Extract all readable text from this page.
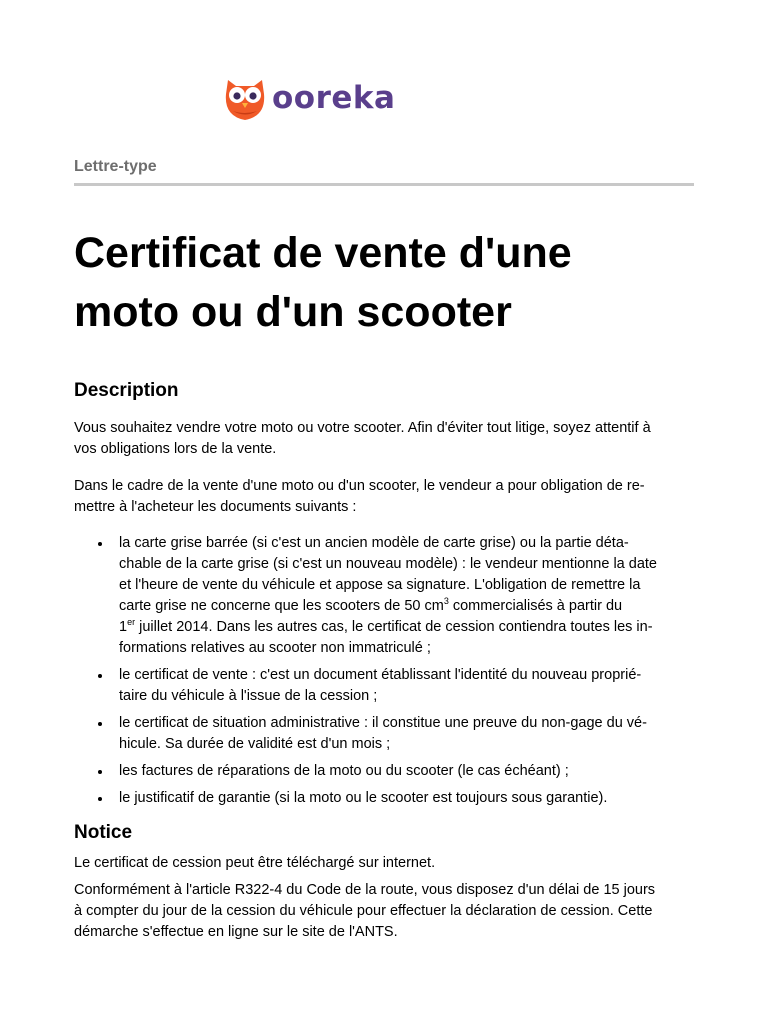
ooreka
Lettre-type
Certificat de vente d'une
moto ou d'un scooter
Description

Vous souhaitez vendre votre moto ou votre scooter. Afin d'éviter tout litige, soyez attentif à
vos obligations lors de la vente.

Dans le cadre de la vente d'une moto ou d'un scooter, le vendeur a pour obligation de re-
mettre à l'acheteur les documents suivants :

la carte grise barrée (si c'est un ancien modèle de carte grise) ou la partie déta-
chable de la carte grise (si c'est un nouveau modèle) : le vendeur mentionne la date
et l'heure de vente du véhicule et appose sa signature. L'obligation de remettre la
carte grise ne concerne que les scooters de 50 $cm^3$ commercialisés à partir du
1er juillet 2014. Dans les autres cas, le certificat de cession contiendra toutes les in-
formations relatives au scooter non immatriculé ;
le certificat de vente : c'est un document établissant l'identité du nouveau proprié-
taire du véhicule à l'issue de la cession ;
le certificat de situation administrative : il constitue une preuve du non-gage du vé-
hicule. Sa durée de validité est d'un mois ;
les factures de réparations de la moto ou du scooter (le cas échéant) ;
le justificatif de garantie (si la moto ou le scooter est toujours sous garantie).
Notice

Le certificat de cession peut être téléchargé sur internet.

Conformément à l'article R322-4 du Code de la route, vous disposez d'un délai de 15 jours
à compter du jour de la cession du véhicule pour effectuer la déclaration de cession. Cette
démarche s'effectue en ligne sur le site de l'ANTS.
